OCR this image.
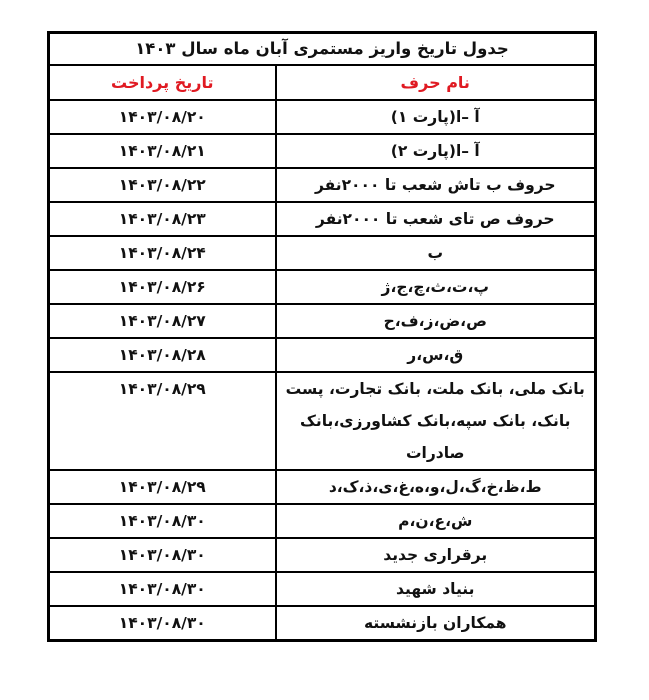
جدول تاریخ واریز مستمری آبان ماه سال ۱۴۰۳	
نام حرف	تاریخ پرداخت
آ –ا(پارت ۱)	۱۴۰۳/۰۸/۲۰
آ –ا(پارت ۲)	۱۴۰۳/۰۸/۲۱
حروف ب تاش شعب تا ۲۰۰۰نفر	۱۴۰۳/۰۸/۲۲
حروف ص تای شعب تا ۲۰۰۰نفر	۱۴۰۳/۰۸/۲۳
ب	۱۴۰۳/۰۸/۲۴
پ،ت،ث،چ،ج،ژ	۱۴۰۳/۰۸/۲۶
ص،ض،ز،ف،ح	۱۴۰۳/۰۸/۲۷
ق،س،ر	۱۴۰۳/۰۸/۲۸
بانک ملی، بانک ملت، بانک تجارت، پست بانک، بانک سپه،بانک کشاورزی،بانک صادرات	۱۴۰۳/۰۸/۲۹
ط،ظ،خ،گ،ل،و،ه،غ،ی،ذ،ک،د	۱۴۰۳/۰۸/۲۹
ش،ع،ن،م	۱۴۰۳/۰۸/۳۰
برقراری جدید	۱۴۰۳/۰۸/۳۰
بنیاد شهید	۱۴۰۳/۰۸/۳۰
همکاران بازنشسته	۱۴۰۳/۰۸/۳۰
